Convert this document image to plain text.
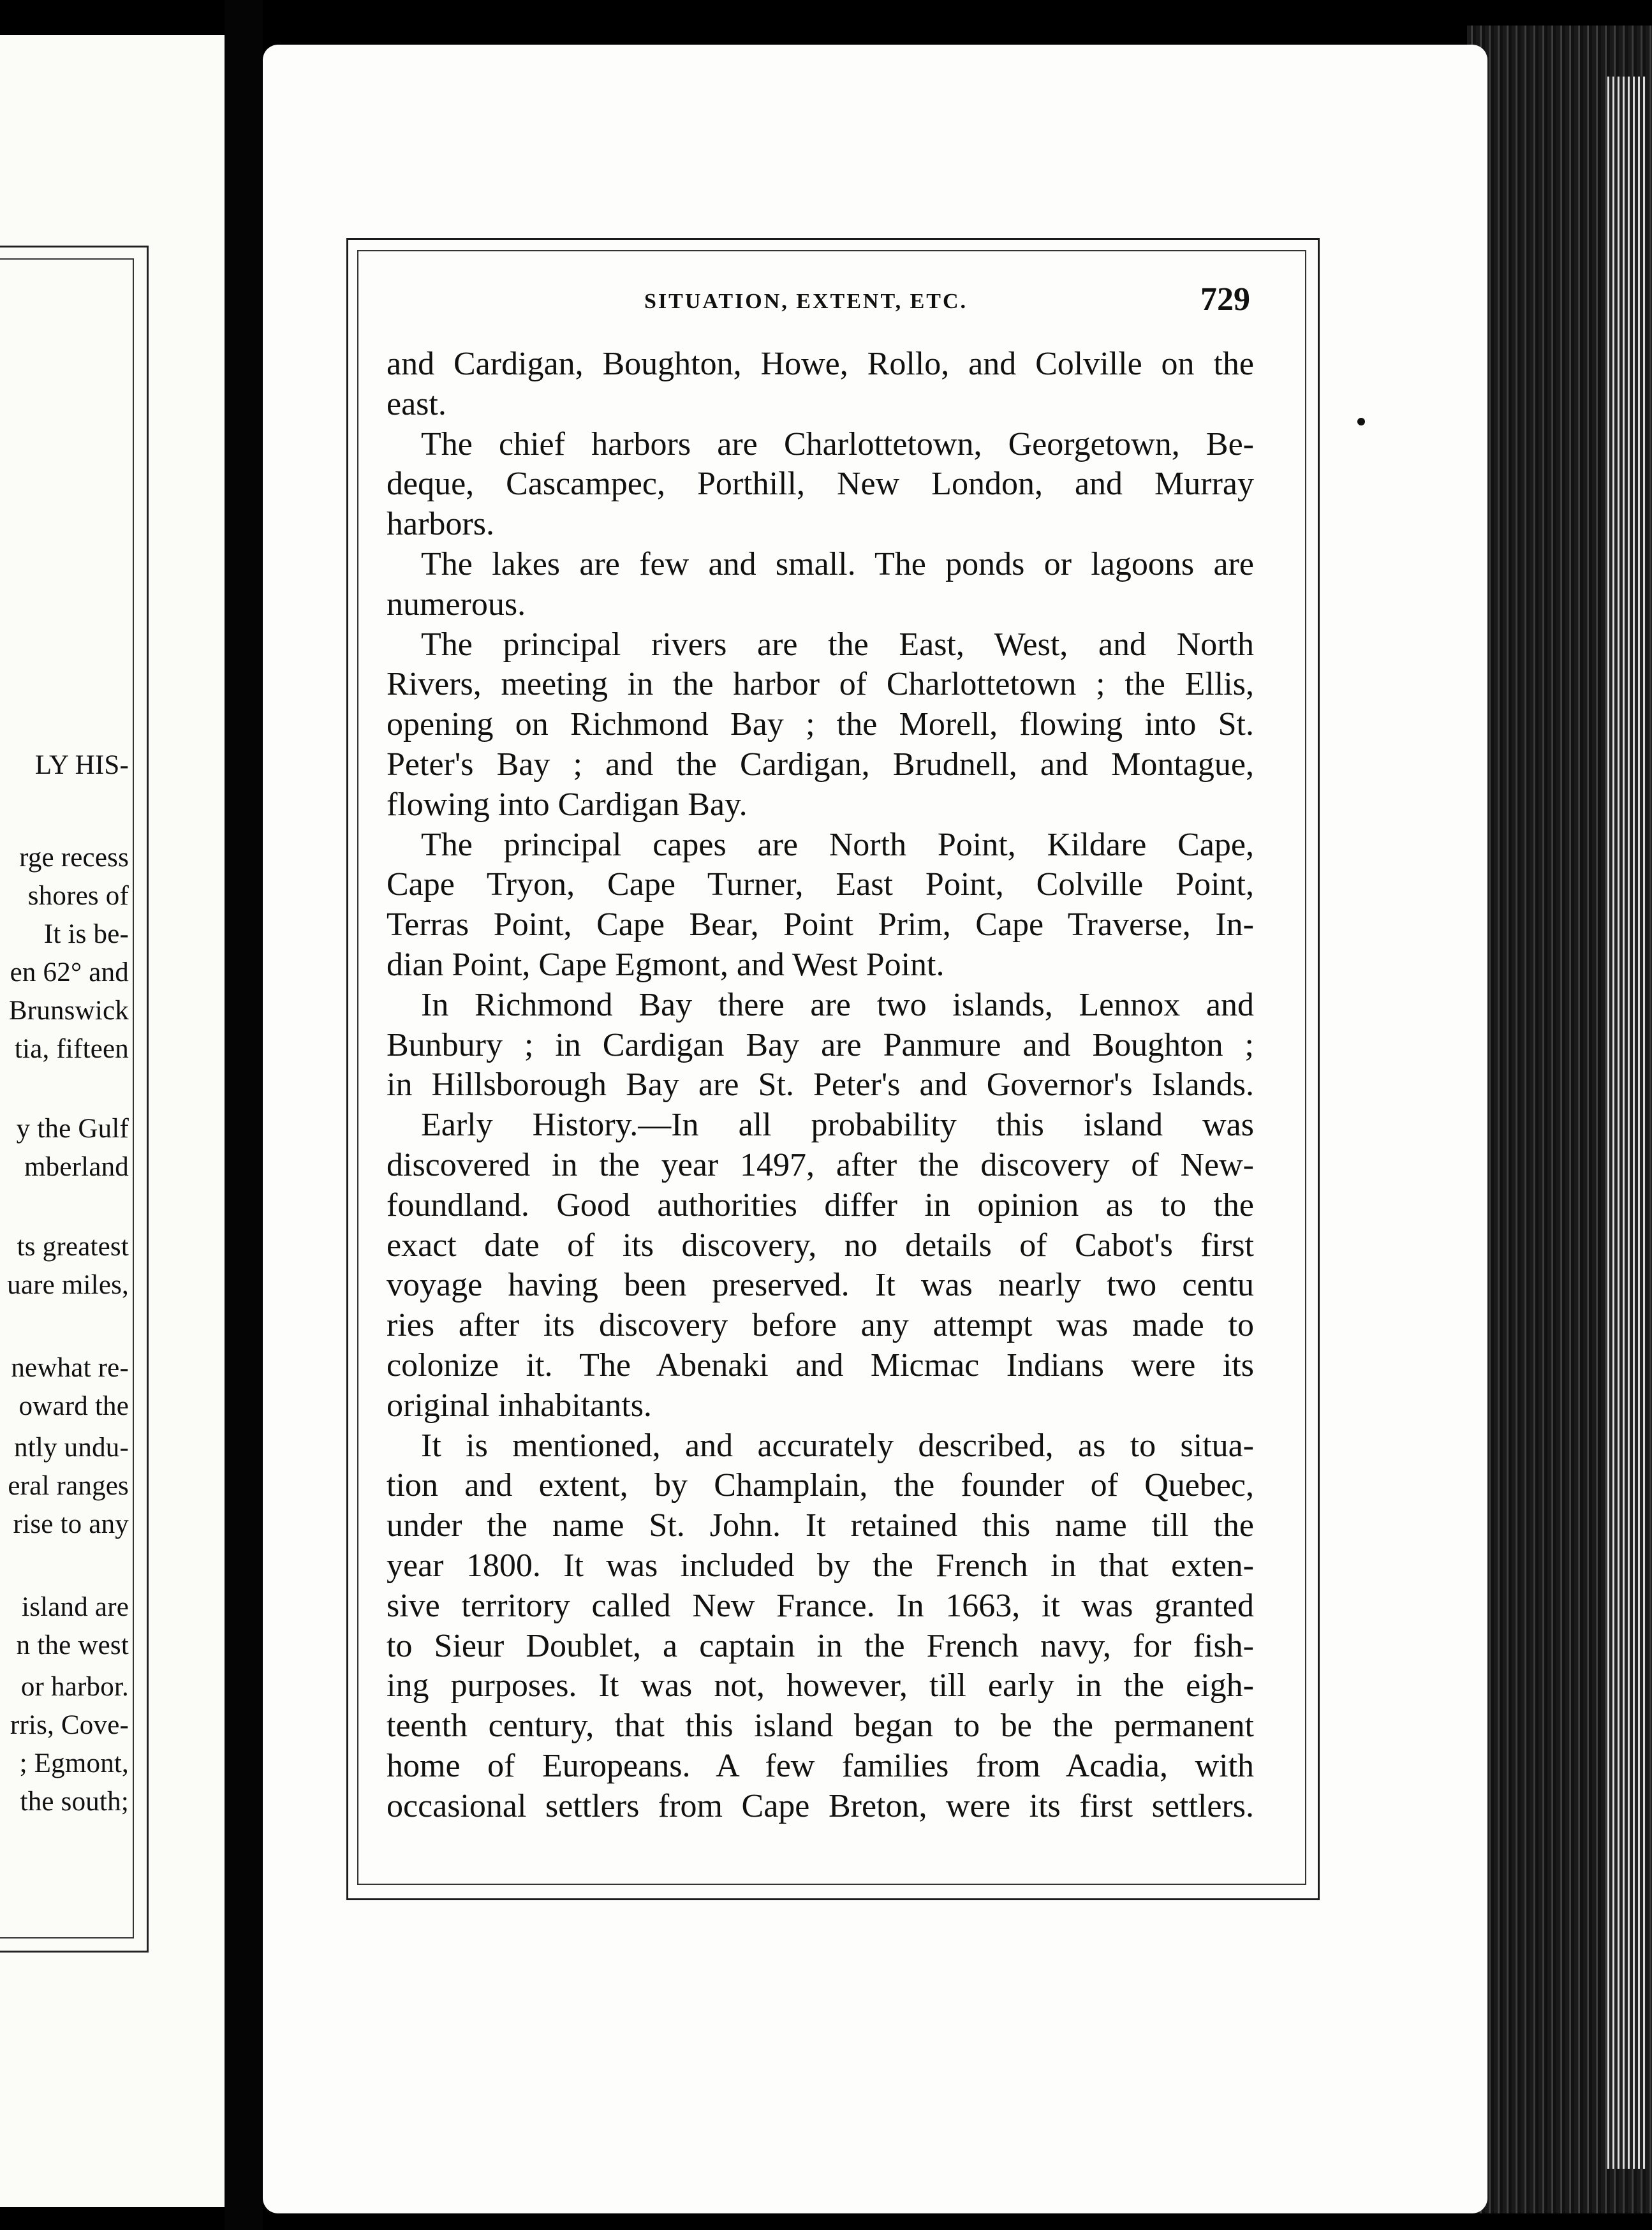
LY HIS-
rge recess
shores of
It is be-
en 62° and
Brunswick
tia, fifteen
y the Gulf
mberland
ts greatest
uare miles,
newhat re-
oward the
ntly undu-
eral ranges
rise to any
island are
n the west
or harbor.
rris, Cove-
; Egmont,
the south;
SITUATION, EXTENT, ETC.	729
and Cardigan, Boughton, Howe, Rollo, and Colville on the
east.
The chief harbors are Charlottetown, Georgetown, Be-
deque, Cascampec, Porthill, New London, and Murray
harbors.
The lakes are few and small. The ponds or lagoons are
numerous.
The principal rivers are the East, West, and North
Rivers, meeting in the harbor of Charlottetown ; the Ellis,
opening on Richmond Bay ; the Morell, flowing into St.
Peter's Bay ; and the Cardigan, Brudnell, and Montague,
flowing into Cardigan Bay.
The principal capes are North Point, Kildare Cape,
Cape Tryon, Cape Turner, East Point, Colville Point,
Terras Point, Cape Bear, Point Prim, Cape Traverse, In-
dian Point, Cape Egmont, and West Point.
In Richmond Bay there are two islands, Lennox and
Bunbury ; in Cardigan Bay are Panmure and Boughton ;
in Hillsborough Bay are St. Peter's and Governor's Islands.
Early History.—In all probability this island was
discovered in the year 1497, after the discovery of New-
foundland. Good authorities differ in opinion as to the
exact date of its discovery, no details of Cabot's first
voyage having been preserved. It was nearly two centu
ries after its discovery before any attempt was made to
colonize it. The Abenaki and Micmac Indians were its
original inhabitants.
It is mentioned, and accurately described, as to situa-
tion and extent, by Champlain, the founder of Quebec,
under the name St. John. It retained this name till the
year 1800. It was included by the French in that exten-
sive territory called New France. In 1663, it was granted
to Sieur Doublet, a captain in the French navy, for fish-
ing purposes. It was not, however, till early in the eigh-
teenth century, that this island began to be the permanent
home of Europeans. A few families from Acadia, with
occasional settlers from Cape Breton, were its first settlers.
